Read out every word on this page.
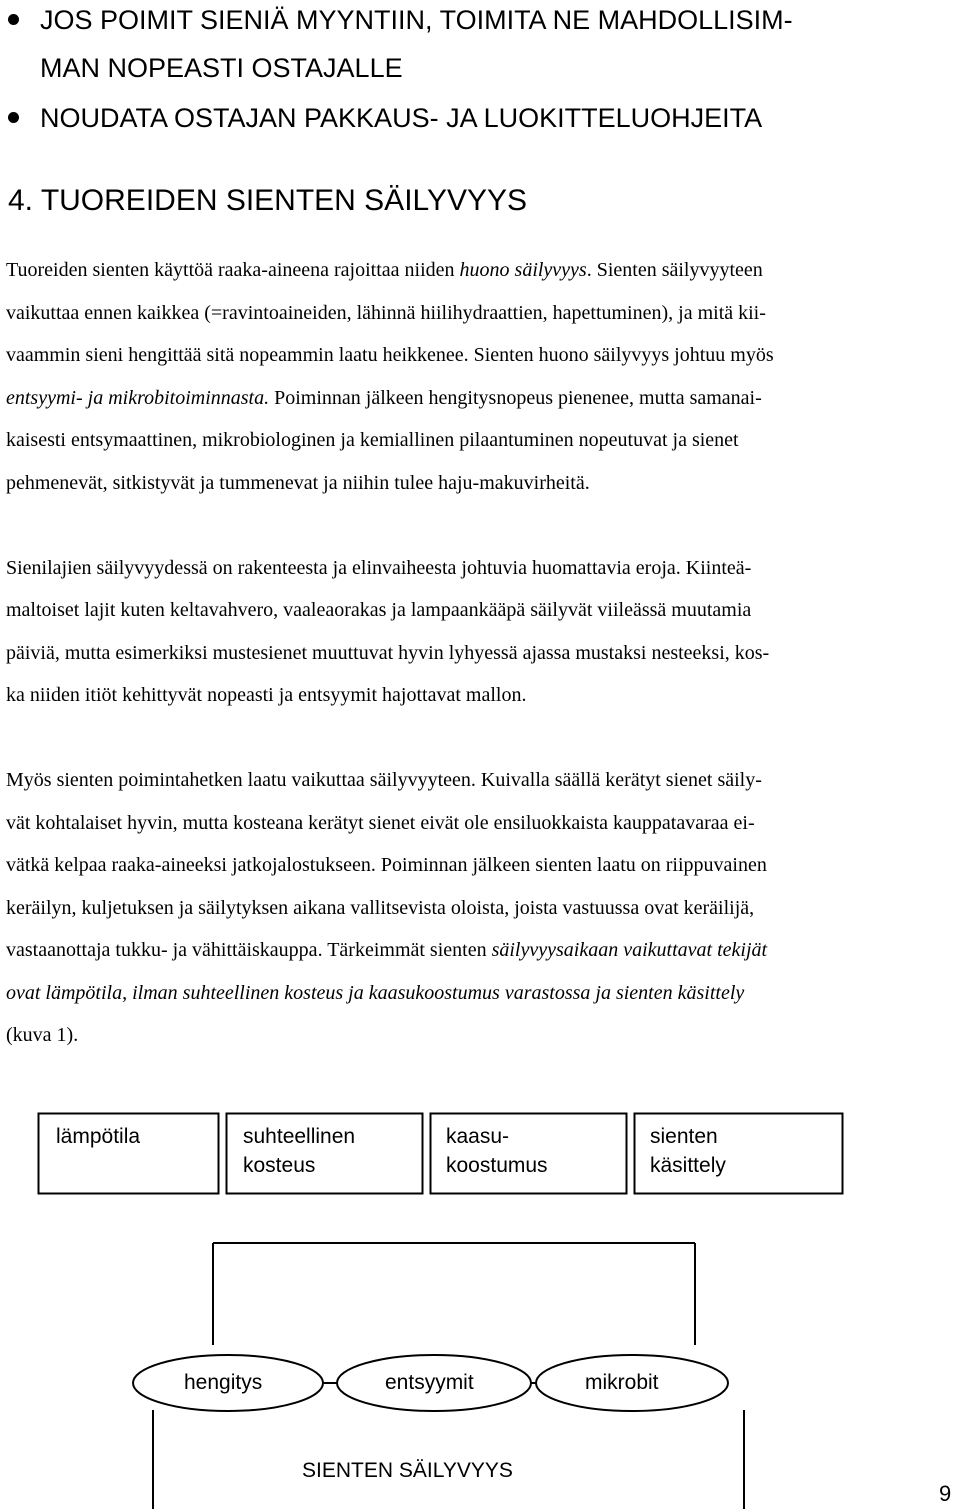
JOS POIMIT SIENIÄ MYYNTIIN, TOIMITA NE MAHDOLLISIM-
MAN NOPEASTI OSTAJALLE
NOUDATA OSTAJAN PAKKAUS- JA LUOKITTELUOHJEITA
4. TUOREIDEN SIENTEN SÄILYVYYS
Tuoreiden sienten käyttöä raaka-aineena rajoittaa niiden huono säilyvyys. Sienten säilyvyyteen
vaikuttaa ennen kaikkea (=ravintoaineiden, lähinnä hiilihydraattien, hapettuminen), ja mitä kii-
vaammin sieni hengittää sitä nopeammin laatu heikkenee. Sienten huono säilyvyys johtuu myös
entsyymi- ja mikrobitoiminnasta. Poiminnan jälkeen hengitysnopeus pienenee, mutta samanai-
kaisesti entsymaattinen, mikrobiologinen ja kemiallinen pilaantuminen nopeutuvat ja sienet
pehmenevät, sitkistyvät ja tummenevat ja niihin tulee haju-makuvirheitä.
Sienilajien säilyvyydessä on rakenteesta ja elinvaiheesta johtuvia huomattavia eroja. Kiinteä-
maltoiset lajit kuten keltavahvero, vaaleaorakas ja lampaankääpä säilyvät viileässä muutamia
päiviä, mutta esimerkiksi mustesienet muuttuvat hyvin lyhyessä ajassa mustaksi nesteeksi, kos-
ka niiden itiöt kehittyvät nopeasti ja entsyymit hajottavat mallon.
Myös sienten poimintahetken laatu vaikuttaa säilyvyyteen. Kuivalla säällä kerätyt sienet säily-
vät kohtalaiset hyvin, mutta kosteana kerätyt sienet eivät ole ensiluokkaista kauppatavaraa ei-
vätkä kelpaa raaka-aineeksi jatkojalostukseen. Poiminnan jälkeen sienten laatu on riippuvainen
keräilyn, kuljetuksen ja säilytyksen aikana vallitsevista oloista, joista vastuussa ovat keräilijä,
vastaanottaja tukku- ja vähittäiskauppa. Tärkeimmät sienten säilyvyysaikaan vaikuttavat tekijät
ovat lämpötila, ilman suhteellinen kosteus ja kaasukoostumus varastossa ja sienten käsittely
(kuva 1).
lämpötila	suhteellinen
kosteus
kaasu-
koostumus
sienten
käsittely
hengitys	entsyymit	mikrobit
SIENTEN SÄILYVYYS
9
